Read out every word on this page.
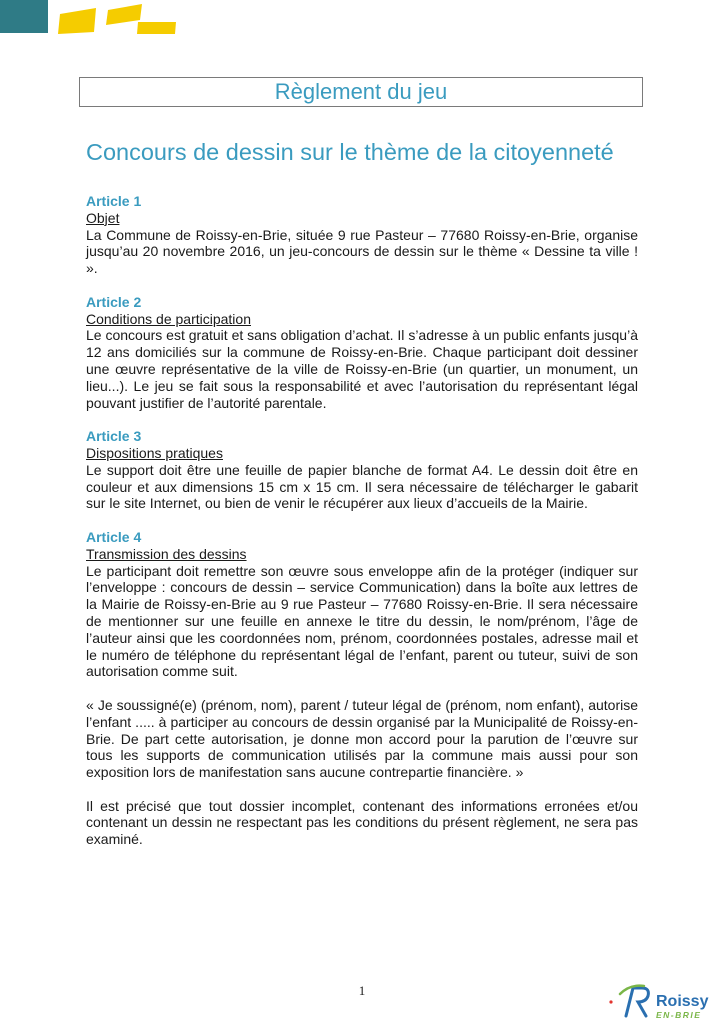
Règlement du jeu
Concours de dessin sur le thème de la citoyenneté
Article 1
Objet

La Commune de Roissy-en-Brie, située 9 rue Pasteur – 77680 Roissy-en-Brie, organise jusqu’au 20 novembre 2016, un jeu-concours de dessin sur le thème « Dessine ta ville ! ».

Article 2
Conditions de participation

Le concours est gratuit et sans obligation d’achat. Il s’adresse à un public enfants jusqu’à 12 ans domiciliés sur la commune de Roissy-en-Brie. Chaque participant doit dessiner une œuvre représentative de la ville de Roissy-en-Brie (un quartier, un monument, un lieu...). Le jeu se fait sous la responsabilité et avec l’autorisation du représentant légal pouvant justifier de l’autorité parentale.

Article 3
Dispositions pratiques

Le support doit être une feuille de papier blanche de format A4. Le dessin doit être en couleur et aux dimensions 15 cm x 15 cm. Il sera nécessaire de télécharger le gabarit sur le site Internet, ou bien de venir le récupérer aux lieux d’accueils de la Mairie.

Article 4
Transmission des dessins

Le participant doit remettre son œuvre sous enveloppe afin de la protéger (indiquer sur l’enveloppe : concours de dessin – service Communication) dans la boîte aux lettres de la Mairie de Roissy-en-Brie au 9 rue Pasteur – 77680 Roissy-en-Brie. Il sera nécessaire de mentionner sur une feuille en annexe le titre du dessin, le nom/prénom, l’âge de l’auteur ainsi que les coordonnées nom, prénom, coordonnées postales, adresse mail et le numéro de téléphone du représentant légal de l’enfant, parent ou tuteur, suivi de son autorisation comme suit.

« Je soussigné(e) (prénom, nom), parent / tuteur légal de (prénom, nom enfant), autorise l’enfant ..... à participer au concours de dessin organisé par la Municipalité de Roissy-en-Brie. De part cette autorisation, je donne mon accord pour la parution de l’œuvre sur tous les supports de communication utilisés par la commune mais aussi pour son exposition lors de manifestation sans aucune contrepartie financière. »

Il est précisé que tout dossier incomplet, contenant des informations erronées et/ou contenant un dessin ne respectant pas les conditions du présent règlement, ne sera pas examiné.

1
Roissy
EN-BRIE
